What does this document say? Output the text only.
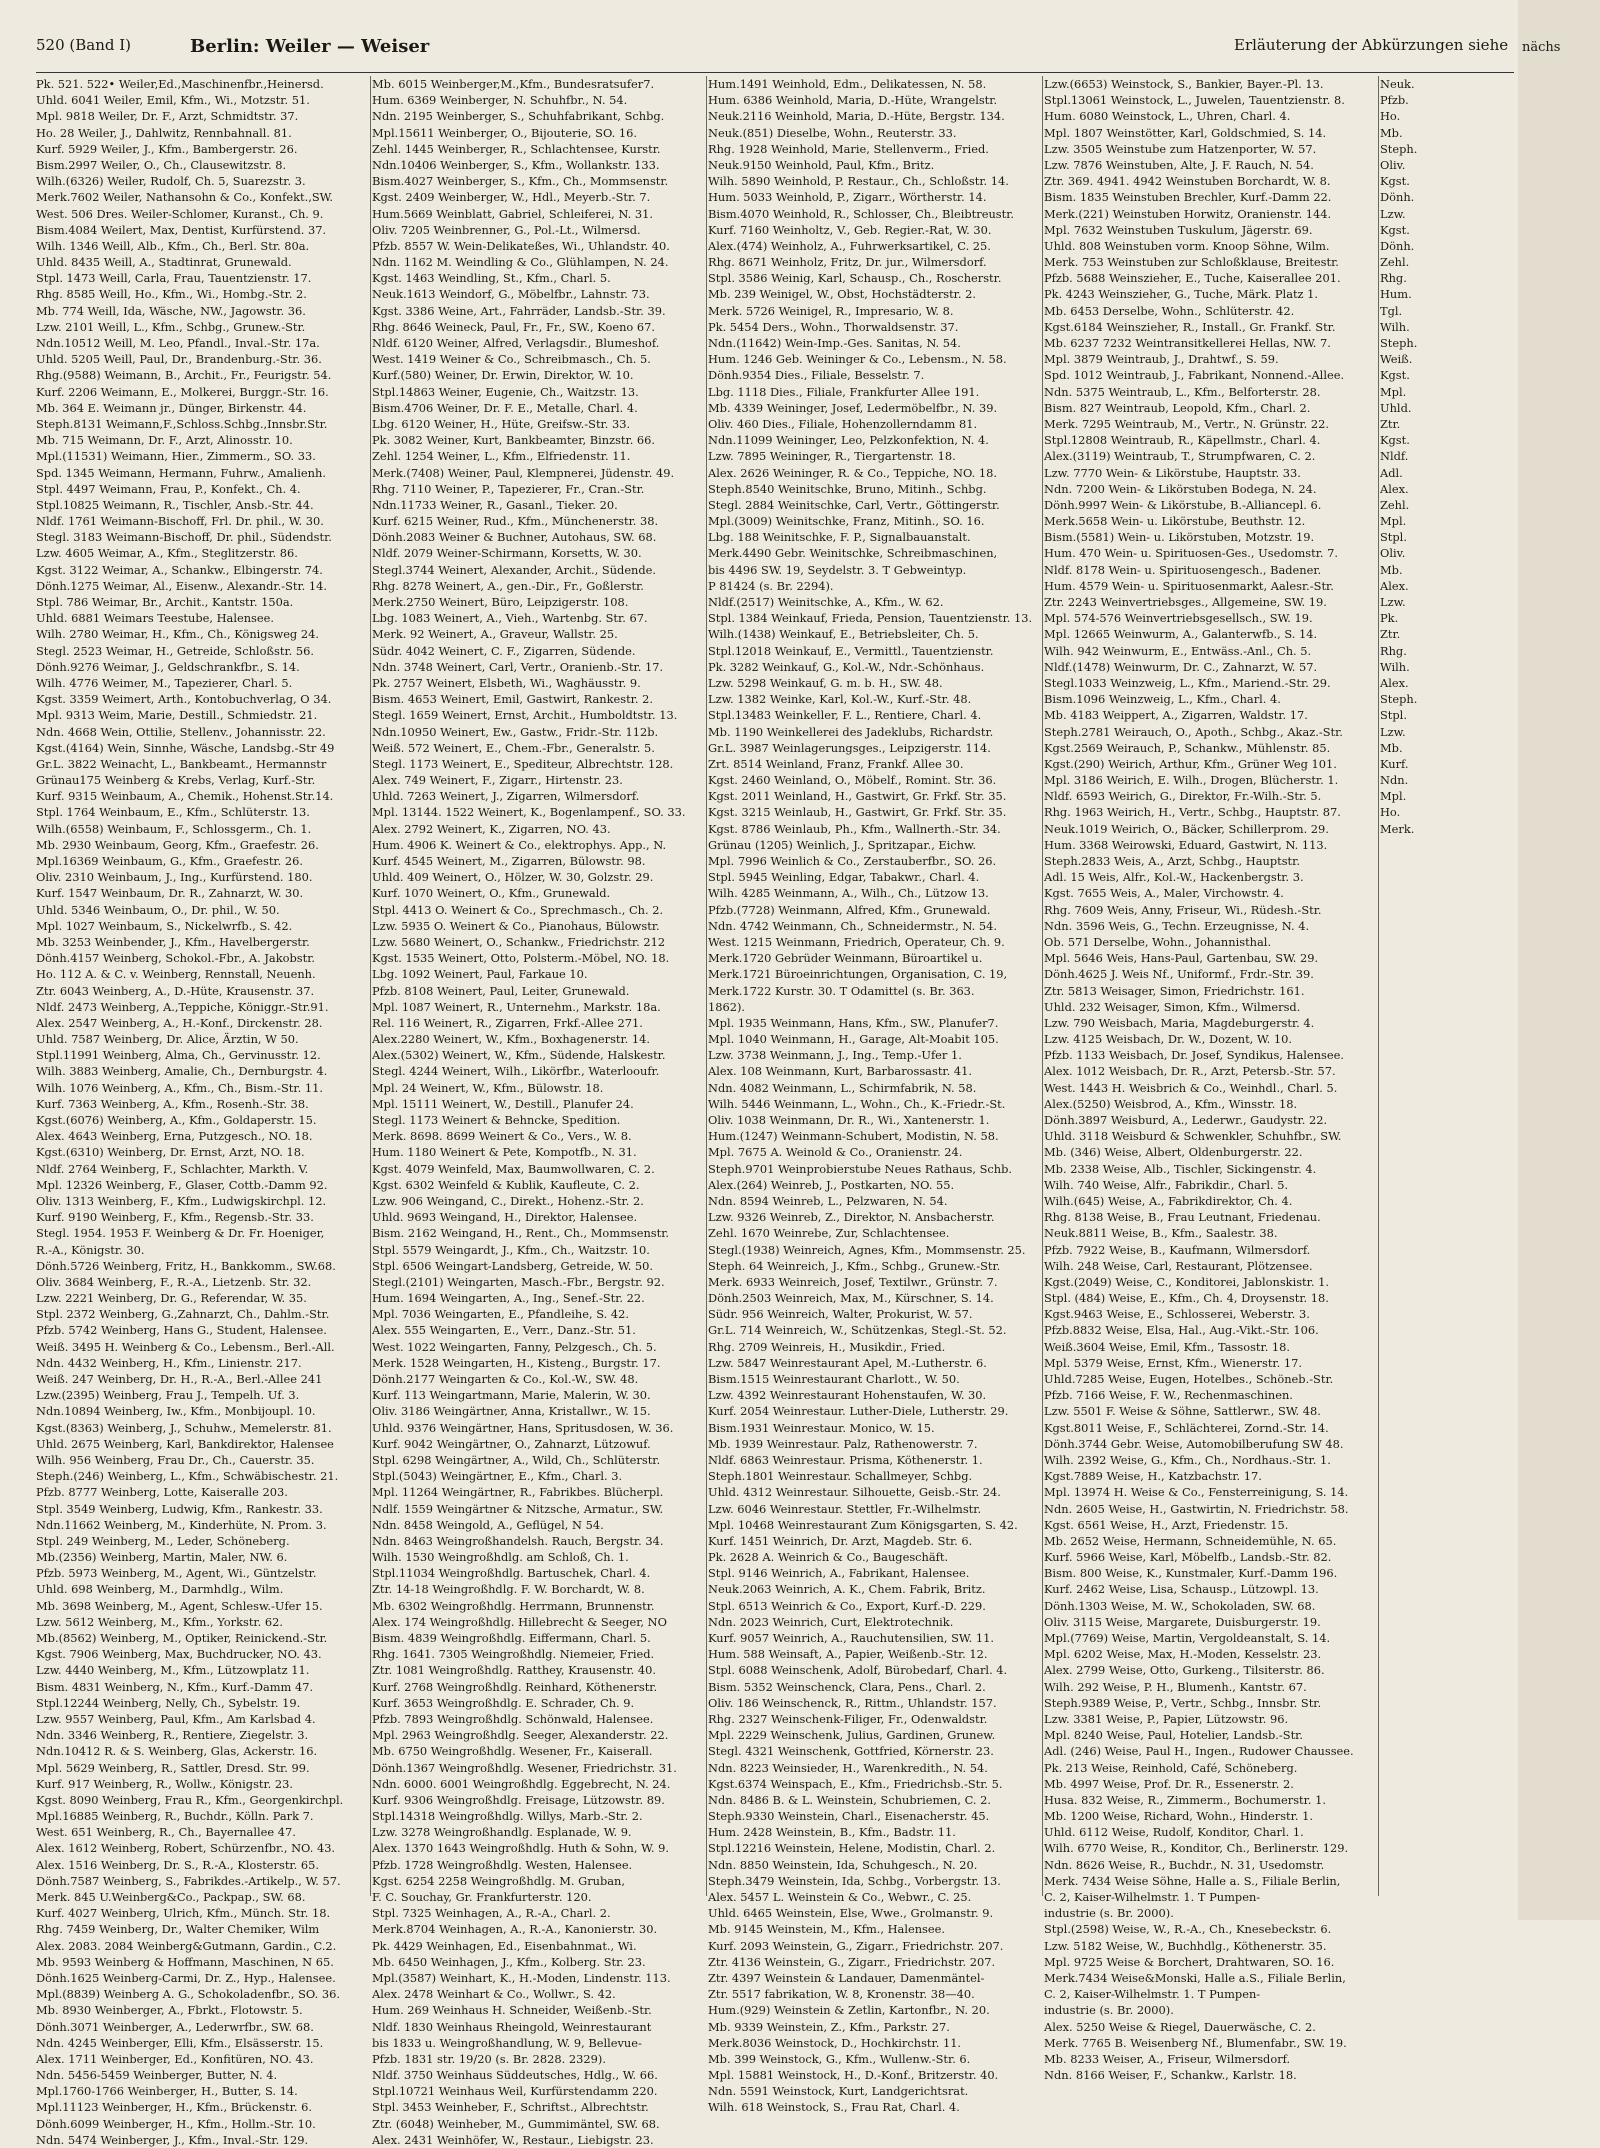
520 (Band I)	Berlin: Weiler — Weiser	Erläuterung der Abkürzungen siehe
Pk. 521. 522• Weiler,Ed.,Maschinenfbr.,Heinersd.
Uhld. 6041 Weiler, Emil, Kfm., Wi., Motzstr. 51.
Mpl. 9818 Weiler, Dr. F., Arzt, Schmidtstr. 37.
Ho. 28 Weiler, J., Dahlwitz, Rennbahnall. 81.
Kurf. 5929 Weiler, J., Kfm., Bambergerstr. 26.
Bism.2997 Weiler, O., Ch., Clausewitzstr. 8.
Wilh.(6326) Weiler, Rudolf, Ch. 5, Suarezstr. 3.
Merk.7602 Weiler, Nathansohn & Co., Konfekt.,SW.
West. 506 Dres. Weiler-Schlomer, Kuranst., Ch. 9.
Bism.4084 Weilert, Max, Dentist, Kurfürstend. 37.
Wilh. 1346 Weill, Alb., Kfm., Ch., Berl. Str. 80a.
Uhld. 8435 Weill, A., Stadtinrat, Grunewald.
Stpl. 1473 Weill, Carla, Frau, Tauentzienstr. 17.
Rhg. 8585 Weill, Ho., Kfm., Wi., Hombg.-Str. 2.
Mb. 774 Weill, Ida, Wäsche, NW., Jagowstr. 36.
Lzw. 2101 Weill, L., Kfm., Schbg., Grunew.-Str.
Ndn.10512 Weill, M. Leo, Pfandl., Inval.-Str. 17a.
Uhld. 5205 Weill, Paul, Dr., Brandenburg.-Str. 36.
Rhg.(9588) Weimann, B., Archit., Fr., Feurigstr. 54.
Kurf. 2206 Weimann, E., Molkerei, Burggr.-Str. 16.
Mb. 364 E. Weimann jr., Dünger, Birkenstr. 44.
Steph.8131 Weimann,F.,Schloss.Schbg.,Innsbr.Str.
Mb. 715 Weimann, Dr. F., Arzt, Alinosstr. 10.
Mpl.(11531) Weimann, Hier., Zimmerm., SO. 33.
Spd. 1345 Weimann, Hermann, Fuhrw., Amalienh.
Stpl. 4497 Weimann, Frau, P., Konfekt., Ch. 4.
Stpl.10825 Weimann, R., Tischler, Ansb.-Str. 44.
Nldf. 1761 Weimann-Bischoff, Frl. Dr. phil., W. 30.
Stegl. 3183 Weimann-Bischoff, Dr. phil., Südendstr.
Lzw. 4605 Weimar, A., Kfm., Steglitzerstr. 86.
Kgst. 3122 Weimar, A., Schankw., Elbingerstr. 74.
Dönh.1275 Weimar, Al., Eisenw., Alexandr.-Str. 14.
Stpl. 786 Weimar, Br., Archit., Kantstr. 150a.
Uhld. 6881 Weimars Teestube, Halensee.
Wilh. 2780 Weimar, H., Kfm., Ch., Königsweg 24.
Stegl. 2523 Weimar, H., Getreide, Schloßstr. 56.
Dönh.9276 Weimar, J., Geldschrankfbr., S. 14.
Wilh. 4776 Weimer, M., Tapezierer, Charl. 5.
Kgst. 3359 Weimert, Arth., Kontobuchverlag, O 34.
Mpl. 9313 Weim, Marie, Destill., Schmiedstr. 21.
Ndn. 4668 Wein, Ottilie, Stellenv., Johannisstr. 22.
Kgst.(4164) Wein, Sinnhe, Wäsche, Landsbg.-Str 49
Gr.L. 3822 Weinacht, L., Bankbeamt., Hermannstr
Grünau175 Weinberg & Krebs, Verlag, Kurf.-Str.
Kurf. 9315 Weinbaum, A., Chemik., Hohenst.Str.14.
Stpl. 1764 Weinbaum, E., Kfm., Schlüterstr. 13.
Wilh.(6558) Weinbaum, F., Schlossgerm., Ch. 1.
Mb. 2930 Weinbaum, Georg, Kfm., Graefestr. 26.
Mpl.16369 Weinbaum, G., Kfm., Graefestr. 26.
Oliv. 2310 Weinbaum, J., Ing., Kurfürstend. 180.
Kurf. 1547 Weinbaum, Dr. R., Zahnarzt, W. 30.
Uhld. 5346 Weinbaum, O., Dr. phil., W. 50.
Mpl. 1027 Weinbaum, S., Nickelwrfb., S. 42.
Mb. 3253 Weinbender, J., Kfm., Havelbergerstr.
Dönh.4157 Weinberg, Schokol.-Fbr., A. Jakobstr.
Ho. 112 A. & C. v. Weinberg, Rennstall, Neuenh.
Ztr. 6043 Weinberg, A., D.-Hüte, Krausenstr. 37.
Nldf. 2473 Weinberg, A.,Teppiche, Königgr.-Str.91.
Alex. 2547 Weinberg, A., H.-Konf., Dirckenstr. 28.
Uhld. 7587 Weinberg, Dr. Alice, Ärztin, W 50.
Stpl.11991 Weinberg, Alma, Ch., Gervinusstr. 12.
Wilh. 3883 Weinberg, Amalie, Ch., Dernburgstr. 4.
Wilh. 1076 Weinberg, A., Kfm., Ch., Bism.-Str. 11.
Kurf. 7363 Weinberg, A., Kfm., Rosenh.-Str. 38.
Kgst.(6076) Weinberg, A., Kfm., Goldaperstr. 15.
Alex. 4643 Weinberg, Erna, Putzgesch., NO. 18.
Kgst.(6310) Weinberg, Dr. Ernst, Arzt, NO. 18.
Nldf. 2764 Weinberg, F., Schlachter, Markth. V.
Mpl. 12326 Weinberg, F., Glaser, Cottb.-Damm 92.
Oliv. 1313 Weinberg, F., Kfm., Ludwigskirchpl. 12.
Kurf. 9190 Weinberg, F., Kfm., Regensb.-Str. 33.
Stegl. 1954. 1953 F. Weinberg & Dr. Fr. Hoeniger,
R.-A., Königstr. 30.
Dönh.5726 Weinberg, Fritz, H., Bankkomm., SW.68.
Oliv. 3684 Weinberg, F., R.-A., Lietzenb. Str. 32.
Lzw. 2221 Weinberg, Dr. G., Referendar, W. 35.
Stpl. 2372 Weinberg, G.,Zahnarzt, Ch., Dahlm.-Str.
Pfzb. 5742 Weinberg, Hans G., Student, Halensee.
Weiß. 3495 H. Weinberg & Co., Lebensm., Berl.-All.
Ndn. 4432 Weinberg, H., Kfm., Linienstr. 217.
Weiß. 247 Weinberg, Dr. H., R.-A., Berl.-Allee 241
Lzw.(2395) Weinberg, Frau J., Tempelh. Uf. 3.
Ndn.10894 Weinberg, Iw., Kfm., Monbijoupl. 10.
Kgst.(8363) Weinberg, J., Schuhw., Memelerstr. 81.
Uhld. 2675 Weinberg, Karl, Bankdirektor, Halensee
Wilh. 956 Weinberg, Frau Dr., Ch., Cauerstr. 35.
Steph.(246) Weinberg, L., Kfm., Schwäbischestr. 21.
Pfzb. 8777 Weinberg, Lotte, Kaiseralle 203.
Stpl. 3549 Weinberg, Ludwig, Kfm., Rankestr. 33.
Ndn.11662 Weinberg, M., Kinderhüte, N. Prom. 3.
Stpl. 249 Weinberg, M., Leder, Schöneberg.
Mb.(2356) Weinberg, Martin, Maler, NW. 6.
Pfzb. 5973 Weinberg, M., Agent, Wi., Güntzelstr.
Uhld. 698 Weinberg, M., Darmhdlg., Wilm.
Mb. 3698 Weinberg, M., Agent, Schlesw.-Ufer 15.
Lzw. 5612 Weinberg, M., Kfm., Yorkstr. 62.
Mb.(8562) Weinberg, M., Optiker, Reinickend.-Str.
Kgst. 7906 Weinberg, Max, Buchdrucker, NO. 43.
Lzw. 4440 Weinberg, M., Kfm., Lützowplatz 11.
Bism. 4831 Weinberg, N., Kfm., Kurf.-Damm 47.
Stpl.12244 Weinberg, Nelly, Ch., Sybelstr. 19.
Lzw. 9557 Weinberg, Paul, Kfm., Am Karlsbad 4.
Ndn. 3346 Weinberg, R., Rentiere, Ziegelstr. 3.
Ndn.10412 R. & S. Weinberg, Glas, Ackerstr. 16.
Mpl. 5629 Weinberg, R., Sattler, Dresd. Str. 99.
Kurf. 917 Weinberg, R., Wollw., Königstr. 23.
Kgst. 8090 Weinberg, Frau R., Kfm., Georgenkirchpl.
Mpl.16885 Weinberg, R., Buchdr., Kölln. Park 7.
West. 651 Weinberg, R., Ch., Bayernallee 47.
Alex. 1612 Weinberg, Robert, Schürzenfbr., NO. 43.
Alex. 1516 Weinberg, Dr. S., R.-A., Klosterstr. 65.
Dönh.7587 Weinberg, S., Fabrikdes.-Artikelp., W. 57.
Merk. 845 U.Weinberg&Co., Packpap., SW. 68.
Kurf. 4027 Weinberg, Ulrich, Kfm., Münch. Str. 18.
Rhg. 7459 Weinberg, Dr., Walter Chemiker, Wilm
Alex. 2083. 2084 Weinberg&Gutmann, Gardin., C.2.
Mb. 9593 Weinberg & Hoffmann, Maschinen, N 65.
Dönh.1625 Weinberg-Carmi, Dr. Z., Hyp., Halensee.
Mpl.(8839) Weinberg A. G., Schokoladenfbr., SO. 36.
Mb. 8930 Weinberger, A., Fbrkt., Flotowstr. 5.
Dönh.3071 Weinberger, A., Lederwrfbr., SW. 68.
Ndn. 4245 Weinberger, Elli, Kfm., Elsässerstr. 15.
Alex. 1711 Weinberger, Ed., Konfitüren, NO. 43.
Ndn. 5456-5459 Weinberger, Butter, N. 4.
Mpl.1760-1766 Weinberger, H., Butter, S. 14.
Mpl.11123 Weinberger, H., Kfm., Brückenstr. 6.
Dönh.6099 Weinberger, H., Kfm., Hollm.-Str. 10.
Ndn. 5474 Weinberger, J., Kfm., Inval.-Str. 129.
Mb. 6015 Weinberger,M.,Kfm., Bundesratsufer7.
Hum. 6369 Weinberger, N. Schuhfbr., N. 54.
Ndn. 2195 Weinberger, S., Schuhfabrikant, Schbg.
Mpl.15611 Weinberger, O., Bijouterie, SO. 16.
Zehl. 1445 Weinberger, R., Schlachtensee, Kurstr.
Ndn.10406 Weinberger, S., Kfm., Wollankstr. 133.
Bism.4027 Weinberger, S., Kfm., Ch., Mommsenstr.
Kgst. 2409 Weinberger, W., Hdl., Meyerb.-Str. 7.
Hum.5669 Weinblatt, Gabriel, Schleiferei, N. 31.
Oliv. 7205 Weinbrenner, G., Pol.-Lt., Wilmersd.
Pfzb. 8557 W. Wein-Delikateßes, Wi., Uhlandstr. 40.
Ndn. 1162 M. Weindling & Co., Glühlampen, N. 24.
Kgst. 1463 Weindling, St., Kfm., Charl. 5.
Neuk.1613 Weindorf, G., Möbelfbr., Lahnstr. 73.
Kgst. 3386 Weine, Art., Fahrräder, Landsb.-Str. 39.
Rhg. 8646 Weineck, Paul, Fr., Fr., SW., Koeno 67.
Nldf. 6120 Weiner, Alfred, Verlagsdir., Blumeshof.
West. 1419 Weiner & Co., Schreibmasch., Ch. 5.
Kurf.(580) Weiner, Dr. Erwin, Direktor, W. 10.
Stpl.14863 Weiner, Eugenie, Ch., Waitzstr. 13.
Bism.4706 Weiner, Dr. F. E., Metalle, Charl. 4.
Lbg. 6120 Weiner, H., Hüte, Greifsw.-Str. 33.
Pk. 3082 Weiner, Kurt, Bankbeamter, Binzstr. 66.
Zehl. 1254 Weiner, L., Kfm., Elfriedenstr. 11.
Merk.(7408) Weiner, Paul, Klempnerei, Jüdenstr. 49.
Rhg. 7110 Weiner, P., Tapezierer, Fr., Cran.-Str.
Ndn.11733 Weiner, R., Gasanl., Tieker. 20.
Kurf. 6215 Weiner, Rud., Kfm., Münchenerstr. 38.
Dönh.2083 Weiner & Buchner, Autohaus, SW. 68.
Nldf. 2079 Weiner-Schirmann, Korsetts, W. 30.
Stegl.3744 Weinert, Alexander, Archit., Südende.
Rhg. 8278 Weinert, A., gen.-Dir., Fr., Goßlerstr.
Merk.2750 Weinert, Büro, Leipzigerstr. 108.
Lbg. 1083 Weinert, A., Vieh., Wartenbg. Str. 67.
Merk. 92 Weinert, A., Graveur, Wallstr. 25.
Südr. 4042 Weinert, C. F., Zigarren, Südende.
Ndn. 3748 Weinert, Carl, Vertr., Oranienb.-Str. 17.
Pk. 2757 Weinert, Elsbeth, Wi., Waghäusstr. 9.
Bism. 4653 Weinert, Emil, Gastwirt, Rankestr. 2.
Stegl. 1659 Weinert, Ernst, Archit., Humboldtstr. 13.
Ndn.10950 Weinert, Ew., Gastw., Fridr.-Str. 112b.
Weiß. 572 Weinert, E., Chem.-Fbr., Generalstr. 5.
Stegl. 1173 Weinert, E., Spediteur, Albrechtstr. 128.
Alex. 749 Weinert, F., Zigarr., Hirtenstr. 23.
Uhld. 7263 Weinert, J., Zigarren, Wilmersdorf.
Mpl. 13144. 1522 Weinert, K., Bogenlampenf., SO. 33.
Alex. 2792 Weinert, K., Zigarren, NO. 43.
Hum. 4906 K. Weinert & Co., elektrophys. App., N.
Kurf. 4545 Weinert, M., Zigarren, Bülowstr. 98.
Uhld. 409 Weinert, O., Hölzer, W. 30, Golzstr. 29.
Kurf. 1070 Weinert, O., Kfm., Grunewald.
Stpl. 4413 O. Weinert & Co., Sprechmasch., Ch. 2.
Lzw. 5935 O. Weinert & Co., Pianohaus, Bülowstr.
Lzw. 5680 Weinert, O., Schankw., Friedrichstr. 212
Kgst. 1535 Weinert, Otto, Polsterm.-Möbel, NO. 18.
Lbg. 1092 Weinert, Paul, Farkaue 10.
Pfzb. 8108 Weinert, Paul, Leiter, Grunewald.
Mpl. 1087 Weinert, R., Unternehm., Markstr. 18a.
Rel. 116 Weinert, R., Zigarren, Frkf.-Allee 271.
Alex.2280 Weinert, W., Kfm., Boxhagenerstr. 14.
Alex.(5302) Weinert, W., Kfm., Südende, Halskestr.
Stegl. 4244 Weinert, Wilh., Likörfbr., Waterlooufr.
Mpl. 24 Weinert, W., Kfm., Bülowstr. 18.
Mpl. 15111 Weinert, W., Destill., Planufer 24.
Stegl. 1173 Weinert & Behncke, Spedition.
Merk. 8698. 8699 Weinert & Co., Vers., W. 8.
Hum. 1180 Weinert & Pete, Kompotfb., N. 31.
Kgst. 4079 Weinfeld, Max, Baumwollwaren, C. 2.
Kgst. 6302 Weinfeld & Kublik, Kaufleute, C. 2.
Lzw. 906 Weingand, C., Direkt., Hohenz.-Str. 2.
Uhld. 9693 Weingand, H., Direktor, Halensee.
Bism. 2162 Weingand, H., Rent., Ch., Mommsenstr.
Stpl. 5579 Weingardt, J., Kfm., Ch., Waitzstr. 10.
Stpl. 6506 Weingart-Landsberg, Getreide, W. 50.
Stegl.(2101) Weingarten, Masch.-Fbr., Bergstr. 92.
Hum. 1694 Weingarten, A., Ing., Senef.-Str. 22.
Mpl. 7036 Weingarten, E., Pfandleihe, S. 42.
Alex. 555 Weingarten, E., Verr., Danz.-Str. 51.
West. 1022 Weingarten, Fanny, Pelzgesch., Ch. 5.
Merk. 1528 Weingarten, H., Kisteng., Burgstr. 17.
Dönh.2177 Weingarten & Co., Kol.-W., SW. 48.
Kurf. 113 Weingartmann, Marie, Malerin, W. 30.
Oliv. 3186 Weingärtner, Anna, Kristallwr., W. 15.
Uhld. 9376 Weingärtner, Hans, Spritusdosen, W. 36.
Kurf. 9042 Weingärtner, O., Zahnarzt, Lützowuf.
Stpl. 6298 Weingärtner, A., Wild, Ch., Schlüterstr.
Stpl.(5043) Weingärtner, E., Kfm., Charl. 3.
Mpl. 11264 Weingärtner, R., Fabrikbes. Blücherpl.
Ndlf. 1559 Weingärtner & Nitzsche, Armatur., SW.
Ndn. 8458 Weingold, A., Geflügel, N 54.
Ndn. 8463 Weingroßhandelsh. Rauch, Bergstr. 34.
Wilh. 1530 Weingroßhdlg. am Schloß, Ch. 1.
Stpl.11034 Weingroßhdlg. Bartuschek, Charl. 4.
Ztr. 14-18 Weingroßhdlg. F. W. Borchardt, W. 8.
Mb. 6302 Weingroßhdlg. Herrmann, Brunnenstr.
Alex. 174 Weingroßhdlg. Hillebrecht & Seeger, NO
Bism. 4839 Weingroßhdlg. Eiffermann, Charl. 5.
Rhg. 1641. 7305 Weingroßhdlg. Niemeier, Fried.
Ztr. 1081 Weingroßhdlg. Ratthey, Krausenstr. 40.
Kurf. 2768 Weingroßhdlg. Reinhard, Köthenerstr.
Kurf. 3653 Weingroßhdlg. E. Schrader, Ch. 9.
Pfzb. 7893 Weingroßhdlg. Schönwald, Halensee.
Mpl. 2963 Weingroßhdlg. Seeger, Alexanderstr. 22.
Mb. 6750 Weingroßhdlg. Wesener, Fr., Kaiserall.
Dönh.1367 Weingroßhdlg. Wesener, Friedrichstr. 31.
Ndn. 6000. 6001 Weingroßhdlg. Eggebrecht, N. 24.
Kurf. 9306 Weingroßhdlg. Freisage, Lützowstr. 89.
Stpl.14318 Weingroßhdlg. Willys, Marb.-Str. 2.
Lzw. 3278 Weingroßhandlg. Esplanade, W. 9.
Alex. 1370 1643 Weingroßhdlg. Huth & Sohn, W. 9.
Pfzb. 1728 Weingroßhdlg. Westen, Halensee.
Kgst. 6254 2258 Weingroßhdlg. M. Gruban,
F. C. Souchay, Gr. Frankfurterstr. 120.
Stpl. 7325 Weinhagen, A., R.-A., Charl. 2.
Merk.8704 Weinhagen, A., R.-A., Kanonierstr. 30.
Pk. 4429 Weinhagen, Ed., Eisenbahnmat., Wi.
Mb. 6450 Weinhagen, J., Kfm., Kolberg. Str. 23.
Mpl.(3587) Weinhart, K., H.-Moden, Lindenstr. 113.
Alex. 2478 Weinhart & Co., Wollwr., S. 42.
Hum. 269 Weinhaus H. Schneider, Weißenb.-Str.
Nldf. 1830 Weinhaus Rheingold, Weinrestaurant
bis 1833 u. Weingroßhandlung, W. 9, Bellevue-
Pfzb. 1831 str. 19/20 (s. Br. 2828. 2329).
Nldf. 3750 Weinhaus Süddeutsches, Hdlg., W. 66.
Stpl.10721 Weinhaus Weil, Kurfürstendamm 220.
Stpl. 3453 Weinheber, F., Schriftst., Albrechtstr.
Ztr. (6048) Weinheber, M., Gummimäntel, SW. 68.
Alex. 2431 Weinhöfer, W., Restaur., Liebigstr. 23.
Hum.1491 Weinhold, Edm., Delikatessen, N. 58.
Hum. 6386 Weinhold, Maria, D.-Hüte, Wrangelstr.
Neuk.2116 Weinhold, Maria, D.-Hüte, Bergstr. 134.
Neuk.(851) Dieselbe, Wohn., Reuterstr. 33.
Rhg. 1928 Weinhold, Marie, Stellenverm., Fried.
Neuk.9150 Weinhold, Paul, Kfm., Britz.
Wilh. 5890 Weinhold, P. Restaur., Ch., Schloßstr. 14.
Hum. 5033 Weinhold, P., Zigarr., Wörtherstr. 14.
Bism.4070 Weinhold, R., Schlosser, Ch., Bleibtreustr.
Kurf. 7160 Weinholtz, V., Geb. Regier.-Rat, W. 30.
Alex.(474) Weinholz, A., Fuhrwerksartikel, C. 25.
Rhg. 8671 Weinholz, Fritz, Dr. jur., Wilmersdorf.
Stpl. 3586 Weinig, Karl, Schausp., Ch., Roscherstr.
Mb. 239 Weinigel, W., Obst, Hochstädterstr. 2.
Merk. 5726 Weinigel, R., Impresario, W. 8.
Pk. 5454 Ders., Wohn., Thorwaldsenstr. 37.
Ndn.(11642) Wein-Imp.-Ges. Sanitas, N. 54.
Hum. 1246 Geb. Weininger & Co., Lebensm., N. 58.
Dönh.9354 Dies., Filiale, Besselstr. 7.
Lbg. 1118 Dies., Filiale, Frankfurter Allee 191.
Mb. 4339 Weininger, Josef, Ledermöbelfbr., N. 39.
Oliv. 460 Dies., Filiale, Hohenzollerndamm 81.
Ndn.11099 Weininger, Leo, Pelzkonfektion, N. 4.
Lzw. 7895 Weininger, R., Tiergartenstr. 18.
Alex. 2626 Weininger, R. & Co., Teppiche, NO. 18.
Steph.8540 Weinitschke, Bruno, Mitinh., Schbg.
Stegl. 2884 Weinitschke, Carl, Vertr., Göttingerstr.
Mpl.(3009) Weinitschke, Franz, Mitinh., SO. 16.
Lbg. 188 Weinitschke, F. P., Signalbauanstalt.
Merk.4490 Gebr. Weinitschke, Schreibmaschinen,
bis 4496 SW. 19, Seydelstr. 3. T Gebweintyp.
P 81424 (s. Br. 2294).
Nldf.(2517) Weinitschke, A., Kfm., W. 62.
Stpl. 1384 Weinkauf, Frieda, Pension, Tauentzienstr. 13.
Wilh.(1438) Weinkauf, E., Betriebsleiter, Ch. 5.
Stpl.12018 Weinkauf, E., Vermittl., Tauentzienstr.
Pk. 3282 Weinkauf, G., Kol.-W., Ndr.-Schönhaus.
Lzw. 5298 Weinkauf, G. m. b. H., SW. 48.
Lzw. 1382 Weinke, Karl, Kol.-W., Kurf.-Str. 48.
Stpl.13483 Weinkeller, F. L., Rentiere, Charl. 4.
Mb. 1190 Weinkellerei des Jadeklubs, Richardstr.
Gr.L. 3987 Weinlagerungsges., Leipzigerstr. 114.
Zrt. 8514 Weinland, Franz, Frankf. Allee 30.
Kgst. 2460 Weinland, O., Möbelf., Romint. Str. 36.
Kgst. 2011 Weinland, H., Gastwirt, Gr. Frkf. Str. 35.
Kgst. 3215 Weinlaub, H., Gastwirt, Gr. Frkf. Str. 35.
Kgst. 8786 Weinlaub, Ph., Kfm., Wallnerth.-Str. 34.
Grünau (1205) Weinlich, J., Spritzapar., Eichw.
Mpl. 7996 Weinlich & Co., Zerstauberfbr., SO. 26.
Stpl. 5945 Weinling, Edgar, Tabakwr., Charl. 4.
Wilh. 4285 Weinmann, A., Wilh., Ch., Lützow 13.
Pfzb.(7728) Weinmann, Alfred, Kfm., Grunewald.
Ndn. 4742 Weinmann, Ch., Schneidermstr., N. 54.
West. 1215 Weinmann, Friedrich, Operateur, Ch. 9.
Merk.1720 Gebrüder Weinmann, Büroartikel u.
Merk.1721 Büroeinrichtungen, Organisation, C. 19,
Merk.1722 Kurstr. 30. T Odamittel (s. Br. 363.
1862).
Mpl. 1935 Weinmann, Hans, Kfm., SW., Planufer7.
Mpl. 1040 Weinmann, H., Garage, Alt-Moabit 105.
Lzw. 3738 Weinmann, J., Ing., Temp.-Ufer 1.
Alex. 108 Weinmann, Kurt, Barbarossastr. 41.
Ndn. 4082 Weinmann, L., Schirmfabrik, N. 58.
Wilh. 5446 Weinmann, L., Wohn., Ch., K.-Friedr.-St.
Oliv. 1038 Weinmann, Dr. R., Wi., Xantenerstr. 1.
Hum.(1247) Weinmann-Schubert, Modistin, N. 58.
Mpl. 7675 A. Weinold & Co., Oranienstr. 24.
Steph.9701 Weinprobierstube Neues Rathaus, Schb.
Alex.(264) Weinreb, J., Postkarten, NO. 55.
Ndn. 8594 Weinreb, L., Pelzwaren, N. 54.
Lzw. 9326 Weinreb, Z., Direktor, N. Ansbacherstr.
Zehl. 1670 Weinrebe, Zur, Schlachtensee.
Stegl.(1938) Weinreich, Agnes, Kfm., Mommsenstr. 25.
Steph. 64 Weinreich, J., Kfm., Schbg., Grunew.-Str.
Merk. 6933 Weinreich, Josef, Textilwr., Grünstr. 7.
Dönh.2503 Weinreich, Max, M., Kürschner, S. 14.
Südr. 956 Weinreich, Walter, Prokurist, W. 57.
Gr.L. 714 Weinreich, W., Schützenkas, Stegl.-St. 52.
Rhg. 2709 Weinreis, H., Musikdir., Fried.
Lzw. 5847 Weinrestaurant Apel, M.-Lutherstr. 6.
Bism.1515 Weinrestaurant Charlott., W. 50.
Lzw. 4392 Weinrestaurant Hohenstaufen, W. 30.
Kurf. 2054 Weinrestaur. Luther-Diele, Lutherstr. 29.
Bism.1931 Weinrestaur. Monico, W. 15.
Mb. 1939 Weinrestaur. Palz, Rathenowerstr. 7.
Nldf. 6863 Weinrestaur. Prisma, Köthenerstr. 1.
Steph.1801 Weinrestaur. Schallmeyer, Schbg.
Uhld. 4312 Weinrestaur. Silhouette, Geisb.-Str. 24.
Lzw. 6046 Weinrestaur. Stettler, Fr.-Wilhelmstr.
Mpl. 10468 Weinrestaurant Zum Königsgarten, S. 42.
Kurf. 1451 Weinrich, Dr. Arzt, Magdeb. Str. 6.
Pk. 2628 A. Weinrich & Co., Baugeschäft.
Stpl. 9146 Weinrich, A., Fabrikant, Halensee.
Neuk.2063 Weinrich, A. K., Chem. Fabrik, Britz.
Stpl. 6513 Weinrich & Co., Export, Kurf.-D. 229.
Ndn. 2023 Weinrich, Curt, Elektrotechnik.
Kurf. 9057 Weinrich, A., Rauchutensilien, SW. 11.
Hum. 588 Weinsaft, A., Papier, Weißenb.-Str. 12.
Stpl. 6088 Weinschenk, Adolf, Bürobedarf, Charl. 4.
Bism. 5352 Weinschenck, Clara, Pens., Charl. 2.
Oliv. 186 Weinschenck, R., Rittm., Uhlandstr. 157.
Rhg. 2327 Weinschenk-Filiger, Fr., Odenwaldstr.
Mpl. 2229 Weinschenk, Julius, Gardinen, Grunew.
Stegl. 4321 Weinschenk, Gottfried, Körnerstr. 23.
Ndn. 8223 Weinsieder, H., Warenkredith., N. 54.
Kgst.6374 Weinspach, E., Kfm., Friedrichsb.-Str. 5.
Ndn. 8486 B. & L. Weinstein, Schubriemen, C. 2.
Steph.9330 Weinstein, Charl., Eisenacherstr. 45.
Hum. 2428 Weinstein, B., Kfm., Badstr. 11.
Stpl.12216 Weinstein, Helene, Modistin, Charl. 2.
Ndn. 8850 Weinstein, Ida, Schuhgesch., N. 20.
Steph.3479 Weinstein, Ida, Schbg., Vorbergstr. 13.
Alex. 5457 L. Weinstein & Co., Webwr., C. 25.
Uhld. 6465 Weinstein, Else, Wwe., Grolmanstr. 9.
Mb. 9145 Weinstein, M., Kfm., Halensee.
Kurf. 2093 Weinstein, G., Zigarr., Friedrichstr. 207.
Ztr. 4136 Weinstein, G., Zigarr., Friedrichstr. 207.
Ztr. 4397 Weinstein & Landauer, Damenmäntel-
Ztr. 5517 fabrikation, W. 8, Kronenstr. 38—40.
Hum.(929) Weinstein & Zetlin, Kartonfbr., N. 20.
Mb. 9339 Weinstein, Z., Kfm., Parkstr. 27.
Merk.8036 Weinstock, D., Hochkirchstr. 11.
Mb. 399 Weinstock, G., Kfm., Wullenw.-Str. 6.
Mpl. 15881 Weinstock, H., D.-Konf., Britzerstr. 40.
Ndn. 5591 Weinstock, Kurt, Landgerichtsrat.
Wilh. 618 Weinstock, S., Frau Rat, Charl. 4.
Lzw.(6653) Weinstock, S., Bankier, Bayer.-Pl. 13.
Stpl.13061 Weinstock, L., Juwelen, Tauentzienstr. 8.
Hum. 6080 Weinstock, L., Uhren, Charl. 4.
Mpl. 1807 Weinstötter, Karl, Goldschmied, S. 14.
Lzw. 3505 Weinstube zum Hatzenporter, W. 57.
Lzw. 7876 Weinstuben, Alte, J. F. Rauch, N. 54.
Ztr. 369. 4941. 4942 Weinstuben Borchardt, W. 8.
Bism. 1835 Weinstuben Brechler, Kurf.-Damm 22.
Merk.(221) Weinstuben Horwitz, Oranienstr. 144.
Mpl. 7632 Weinstuben Tuskulum, Jägerstr. 69.
Uhld. 808 Weinstuben vorm. Knoop Söhne, Wilm.
Merk. 753 Weinstuben zur Schloßklause, Breitestr.
Pfzb. 5688 Weinszieher, E., Tuche, Kaiserallee 201.
Pk. 4243 Weinszieher, G., Tuche, Märk. Platz 1.
Mb. 6453 Derselbe, Wohn., Schlüterstr. 42.
Kgst.6184 Weinszieher, R., Install., Gr. Frankf. Str.
Mb. 6237 7232 Weintransitkellerei Hellas, NW. 7.
Mpl. 3879 Weintraub, J., Drahtwf., S. 59.
Spd. 1012 Weintraub, J., Fabrikant, Nonnend.-Allee.
Ndn. 5375 Weintraub, L., Kfm., Belforterstr. 28.
Bism. 827 Weintraub, Leopold, Kfm., Charl. 2.
Merk. 7295 Weintraub, M., Vertr., N. Grünstr. 22.
Stpl.12808 Weintraub, R., Käpellmstr., Charl. 4.
Alex.(3119) Weintraub, T., Strumpfwaren, C. 2.
Lzw. 7770 Wein- & Likörstube, Hauptstr. 33.
Ndn. 7200 Wein- & Likörstuben Bodega, N. 24.
Dönh.9997 Wein- & Likörstube, B.-Alliancepl. 6.
Merk.5658 Wein- u. Likörstube, Beuthstr. 12.
Bism.(5581) Wein- u. Likörstuben, Motzstr. 19.
Hum. 470 Wein- u. Spirituosen-Ges., Usedomstr. 7.
Nldf. 8178 Wein- u. Spirituosengesch., Badener.
Hum. 4579 Wein- u. Spirituosenmarkt, Aalesr.-Str.
Ztr. 2243 Weinvertriebsges., Allgemeine, SW. 19.
Mpl. 574-576 Weinvertriebsgesellsch., SW. 19.
Mpl. 12665 Weinwurm, A., Galanterwfb., S. 14.
Wilh. 942 Weinwurm, E., Entwäss.-Anl., Ch. 5.
Nldf.(1478) Weinwurm, Dr. C., Zahnarzt, W. 57.
Stegl.1033 Weinzweig, L., Kfm., Mariend.-Str. 29.
Bism.1096 Weinzweig, L., Kfm., Charl. 4.
Mb. 4183 Weippert, A., Zigarren, Waldstr. 17.
Steph.2781 Weirauch, O., Apoth., Schbg., Akaz.-Str.
Kgst.2569 Weirauch, P., Schankw., Mühlenstr. 85.
Kgst.(290) Weirich, Arthur, Kfm., Grüner Weg 101.
Mpl. 3186 Weirich, E. Wilh., Drogen, Blücherstr. 1.
Nldf. 6593 Weirich, G., Direktor, Fr.-Wilh.-Str. 5.
Rhg. 1963 Weirich, H., Vertr., Schbg., Hauptstr. 87.
Neuk.1019 Weirich, O., Bäcker, Schillerprom. 29.
Hum. 3368 Weirowski, Eduard, Gastwirt, N. 113.
Steph.2833 Weis, A., Arzt, Schbg., Hauptstr.
Adl. 15 Weis, Alfr., Kol.-W., Hackenbergstr. 3.
Kgst. 7655 Weis, A., Maler, Virchowstr. 4.
Rhg. 7609 Weis, Anny, Friseur, Wi., Rüdesh.-Str.
Ndn. 3596 Weis, G., Techn. Erzeugnisse, N. 4.
Ob. 571 Derselbe, Wohn., Johannisthal.
Mpl. 5646 Weis, Hans-Paul, Gartenbau, SW. 29.
Dönh.4625 J. Weis Nf., Uniformf., Frdr.-Str. 39.
Ztr. 5813 Weisager, Simon, Friedrichstr. 161.
Uhld. 232 Weisager, Simon, Kfm., Wilmersd.
Lzw. 790 Weisbach, Maria, Magdeburgerstr. 4.
Lzw. 4125 Weisbach, Dr. W., Dozent, W. 10.
Pfzb. 1133 Weisbach, Dr. Josef, Syndikus, Halensee.
Alex. 1012 Weisbach, Dr. R., Arzt, Petersb.-Str. 57.
West. 1443 H. Weisbrich & Co., Weinhdl., Charl. 5.
Alex.(5250) Weisbrod, A., Kfm., Winsstr. 18.
Dönh.3897 Weisburd, A., Lederwr., Gaudystr. 22.
Uhld. 3118 Weisburd & Schwenkler, Schuhfbr., SW.
Mb. (346) Weise, Albert, Oldenburgerstr. 22.
Mb. 2338 Weise, Alb., Tischler, Sickingenstr. 4.
Wilh. 740 Weise, Alfr., Fabrikdir., Charl. 5.
Wilh.(645) Weise, A., Fabrikdirektor, Ch. 4.
Rhg. 8138 Weise, B., Frau Leutnant, Friedenau.
Neuk.8811 Weise, B., Kfm., Saalestr. 38.
Pfzb. 7922 Weise, B., Kaufmann, Wilmersdorf.
Wilh. 248 Weise, Carl, Restaurant, Plötzensee.
Kgst.(2049) Weise, C., Konditorei, Jablonskistr. 1.
Stpl. (484) Weise, E., Kfm., Ch. 4, Droysenstr. 18.
Kgst.9463 Weise, E., Schlosserei, Weberstr. 3.
Pfzb.8832 Weise, Elsa, Hal., Aug.-Vikt.-Str. 106.
Weiß.3604 Weise, Emil, Kfm., Tassostr. 18.
Mpl. 5379 Weise, Ernst, Kfm., Wienerstr. 17.
Uhld.7285 Weise, Eugen, Hotelbes., Schöneb.-Str.
Pfzb. 7166 Weise, F. W., Rechenmaschinen.
Lzw. 5501 F. Weise & Söhne, Sattlerwr., SW. 48.
Kgst.8011 Weise, F., Schlächterei, Zornd.-Str. 14.
Dönh.3744 Gebr. Weise, Automobilberufung SW 48.
Wilh. 2392 Weise, G., Kfm., Ch., Nordhaus.-Str. 1.
Kgst.7889 Weise, H., Katzbachstr. 17.
Mpl. 13974 H. Weise & Co., Fensterreinigung, S. 14.
Ndn. 2605 Weise, H., Gastwirtin, N. Friedrichstr. 58.
Kgst. 6561 Weise, H., Arzt, Friedenstr. 15.
Mb. 2652 Weise, Hermann, Schneidemühle, N. 65.
Kurf. 5966 Weise, Karl, Möbelfb., Landsb.-Str. 82.
Bism. 800 Weise, K., Kunstmaler, Kurf.-Damm 196.
Kurf. 2462 Weise, Lisa, Schausp., Lützowpl. 13.
Dönh.1303 Weise, M. W., Schokoladen, SW. 68.
Oliv. 3115 Weise, Margarete, Duisburgerstr. 19.
Mpl.(7769) Weise, Martin, Vergoldeanstalt, S. 14.
Mpl. 6202 Weise, Max, H.-Moden, Kesselstr. 23.
Alex. 2799 Weise, Otto, Gurkeng., Tilsiterstr. 86.
Wilh. 292 Weise, P. H., Blumenh., Kantstr. 67.
Steph.9389 Weise, P., Vertr., Schbg., Innsbr. Str.
Lzw. 3381 Weise, P., Papier, Lützowstr. 96.
Mpl. 8240 Weise, Paul, Hotelier, Landsb.-Str.
Adl. (246) Weise, Paul H., Ingen., Rudower Chaussee.
Pk. 213 Weise, Reinhold, Café, Schöneberg.
Mb. 4997 Weise, Prof. Dr. R., Essenerstr. 2.
Husa. 832 Weise, R., Zimmerm., Bochumerstr. 1.
Mb. 1200 Weise, Richard, Wohn., Hinderstr. 1.
Uhld. 6112 Weise, Rudolf, Konditor, Charl. 1.
Wilh. 6770 Weise, R., Konditor, Ch., Berlinerstr. 129.
Ndn. 8626 Weise, R., Buchdr., N. 31, Usedomstr.
Merk. 7434 Weise Söhne, Halle a. S., Filiale Berlin,
C. 2, Kaiser-Wilhelmstr. 1. T Pumpen-
industrie (s. Br. 2000).
Stpl.(2598) Weise, W., R.-A., Ch., Knesebeckstr. 6.
Lzw. 5182 Weise, W., Buchhdlg., Köthenerstr. 35.
Mpl. 9725 Weise & Borchert, Drahtwaren, SO. 16.
Merk.7434 Weise&Monski, Halle a.S., Filiale Berlin,
C. 2, Kaiser-Wilhelmstr. 1. T Pumpen-
industrie (s. Br. 2000).
Alex. 5250 Weise & Riegel, Dauerwäsche, C. 2.
Merk. 7765 B. Weisenberg Nf., Blumenfabr., SW. 19.
Mb. 8233 Weiser, A., Friseur, Wilmersdorf.
Ndn. 8166 Weiser, F., Schankw., Karlstr. 18.
Neuk.
Pfzb.
Ho.
Mb.
Steph.
Oliv.
Kgst.
Dönh.
Lzw.
Kgst.
Dönh.
Zehl.
Rhg.
Hum.
Tgl.
Wilh.
Steph.
Weiß.
Kgst.
Mpl.
Uhld.
Ztr.
Kgst.
Nldf.
Adl.
Alex.
Zehl.
Mpl.
Stpl.
Oliv.
Mb.
Alex.
Lzw.
Pk.
Ztr.
Rhg.
Wilh.
Alex.
Steph.
Stpl.
Lzw.
Mb.
Kurf.
Ndn.
Mpl.
Ho.
Merk.
nächs
